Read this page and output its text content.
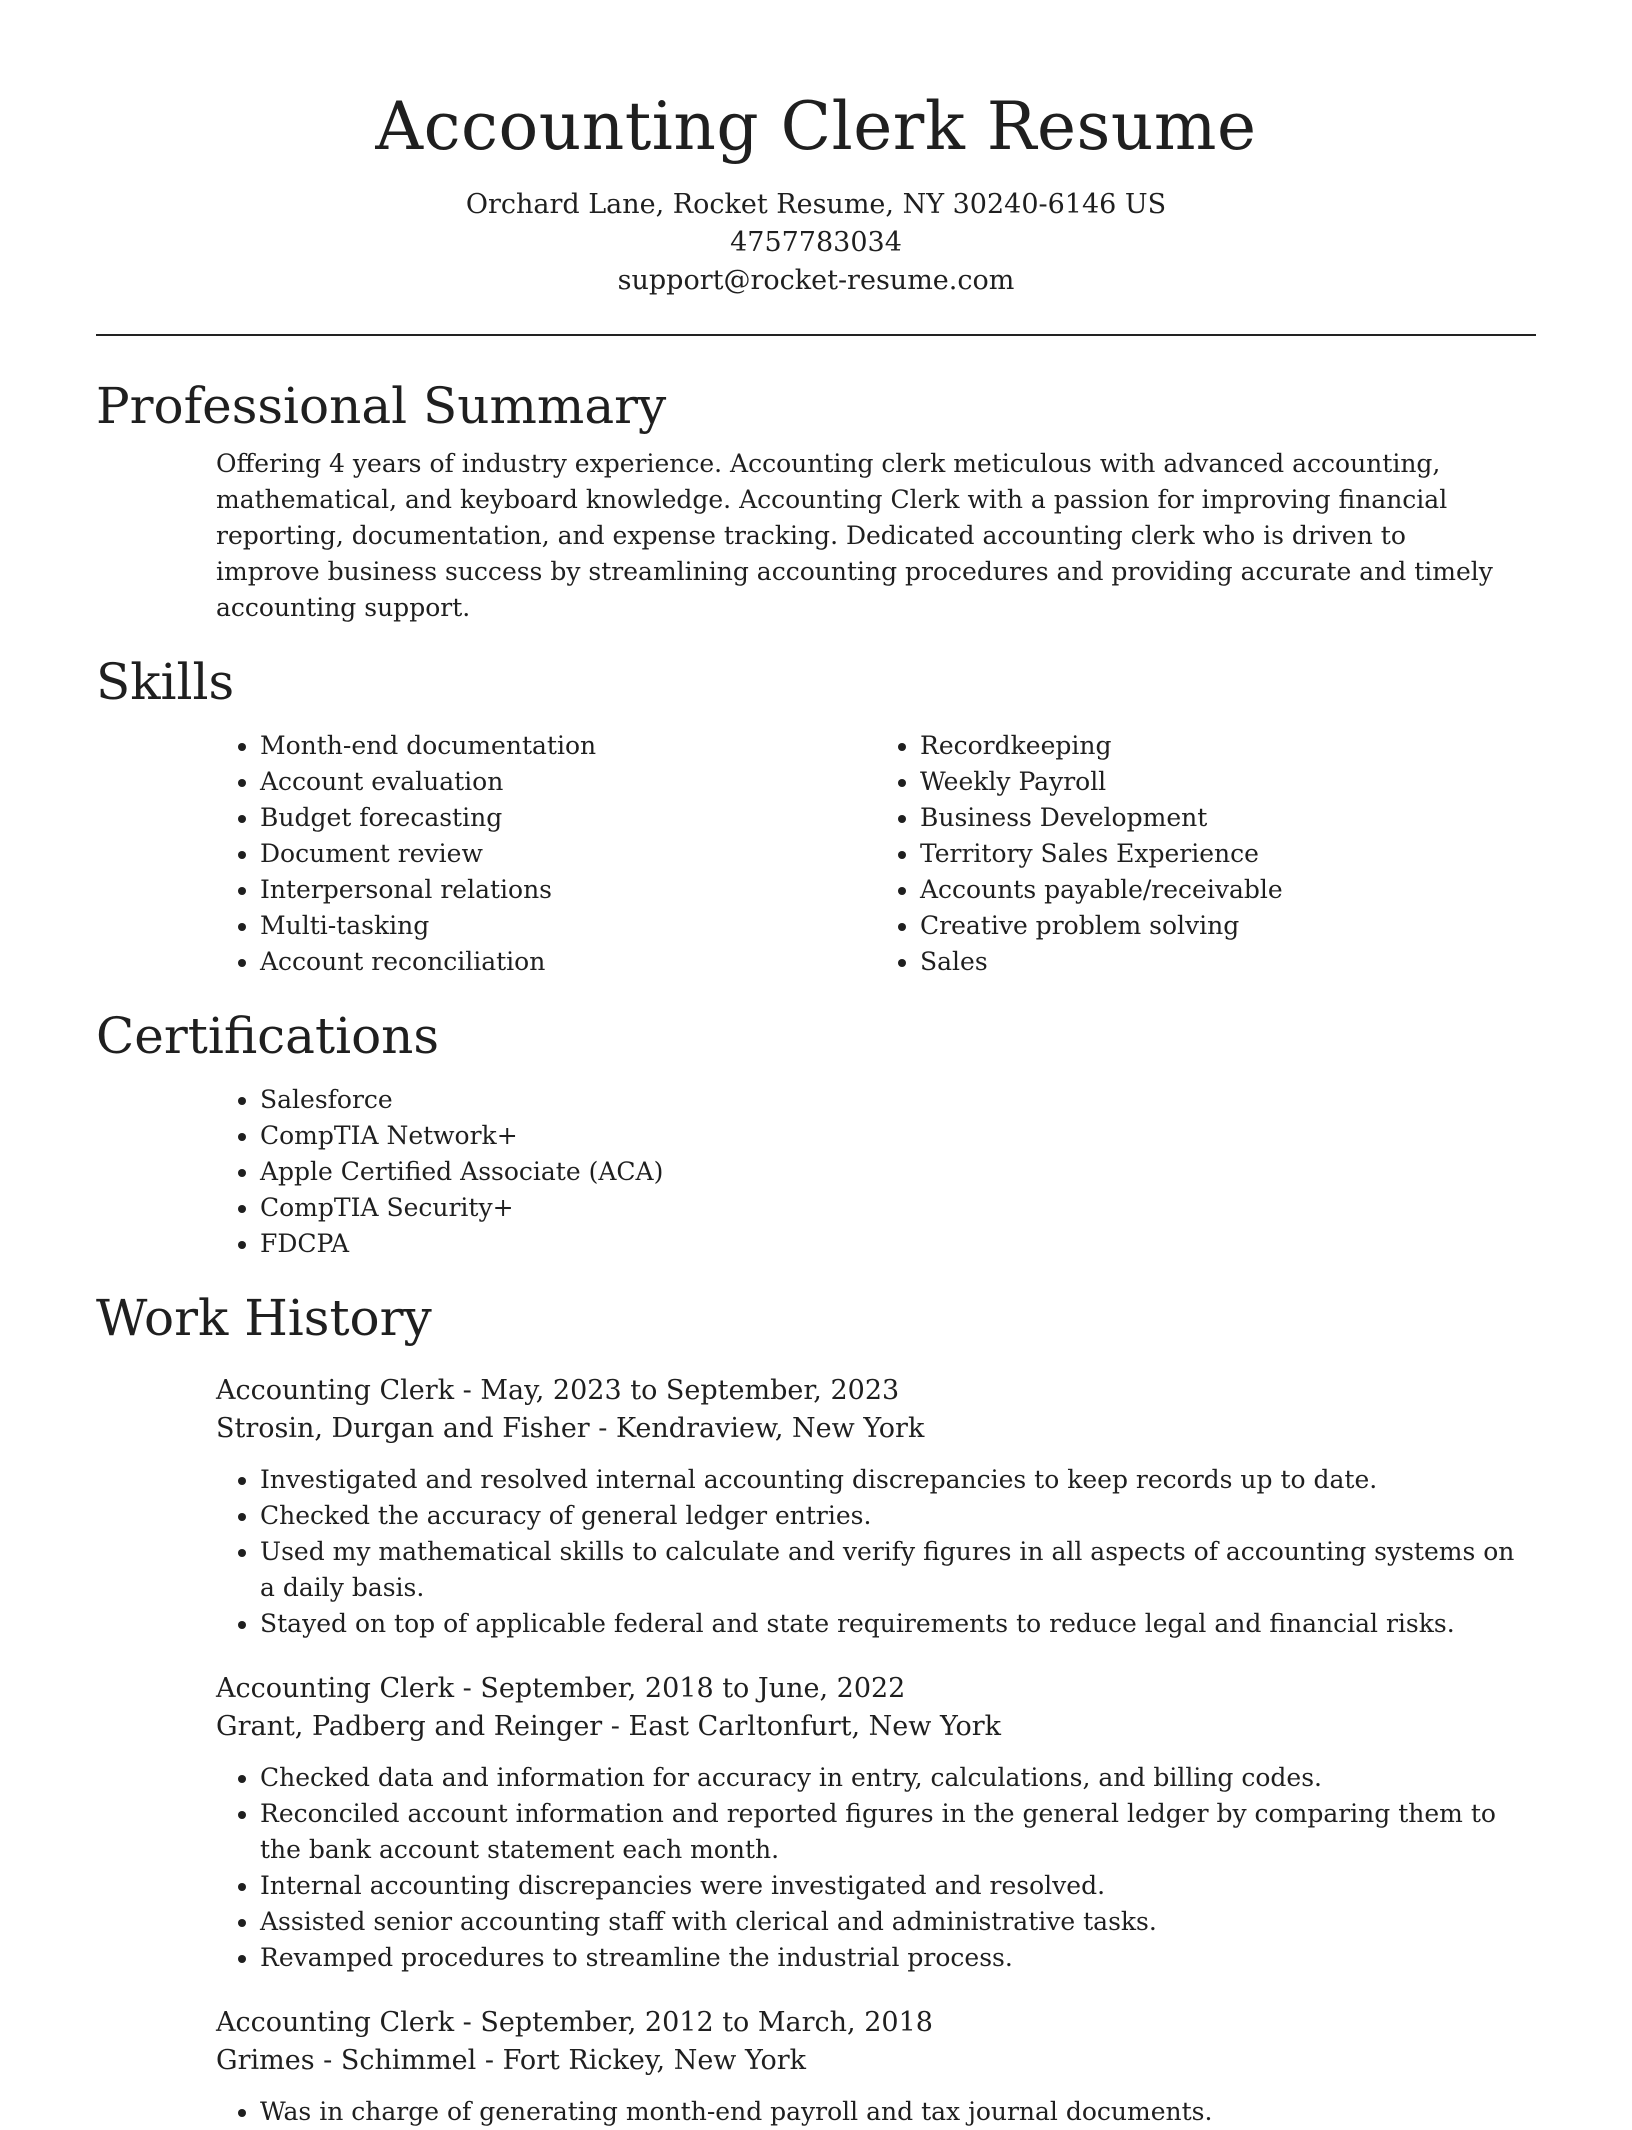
Accounting Clerk Resume

Orchard Lane, Rocket Resume, NY 30240-6146 US

4757783034

support@rocket-resume.com

Professional Summary

Offering 4 years of industry experience. Accounting clerk meticulous with advanced accounting, mathematical, and keyboard knowledge. Accounting Clerk with a passion for improving financial reporting, documentation, and expense tracking. Dedicated accounting clerk who is driven to improve business success by streamlining accounting procedures and providing accurate and timely accounting support.

Skills
• Month-end documentation
• Account evaluation
• Budget forecasting
• Document review
• Interpersonal relations
• Multi-tasking
• Account reconciliation
• Recordkeeping
• Weekly Payroll
• Business Development
• Territory Sales Experience
• Accounts payable/receivable
• Creative problem solving
• Sales
Certifications
• Salesforce
• CompTIA Network+
• Apple Certified Associate (ACA)
• CompTIA Security+
• FDCPA
Work History
Accounting Clerk - May, 2023 to September, 2023
Strosin, Durgan and Fisher - Kendraview, New York
• Investigated and resolved internal accounting discrepancies to keep records up to date.
• Checked the accuracy of general ledger entries.
• Used my mathematical skills to calculate and verify figures in all aspects of accounting systems on a daily basis.
• Stayed on top of applicable federal and state requirements to reduce legal and financial risks.
Accounting Clerk - September, 2018 to June, 2022
Grant, Padberg and Reinger - East Carltonfurt, New York
• Checked data and information for accuracy in entry, calculations, and billing codes.
• Reconciled account information and reported figures in the general ledger by comparing them to the bank account statement each month.
• Internal accounting discrepancies were investigated and resolved.
• Assisted senior accounting staff with clerical and administrative tasks.
• Revamped procedures to streamline the industrial process.
Accounting Clerk - September, 2012 to March, 2018
Grimes - Schimmel - Fort Rickey, New York
• Was in charge of generating month-end payroll and tax journal documents.
